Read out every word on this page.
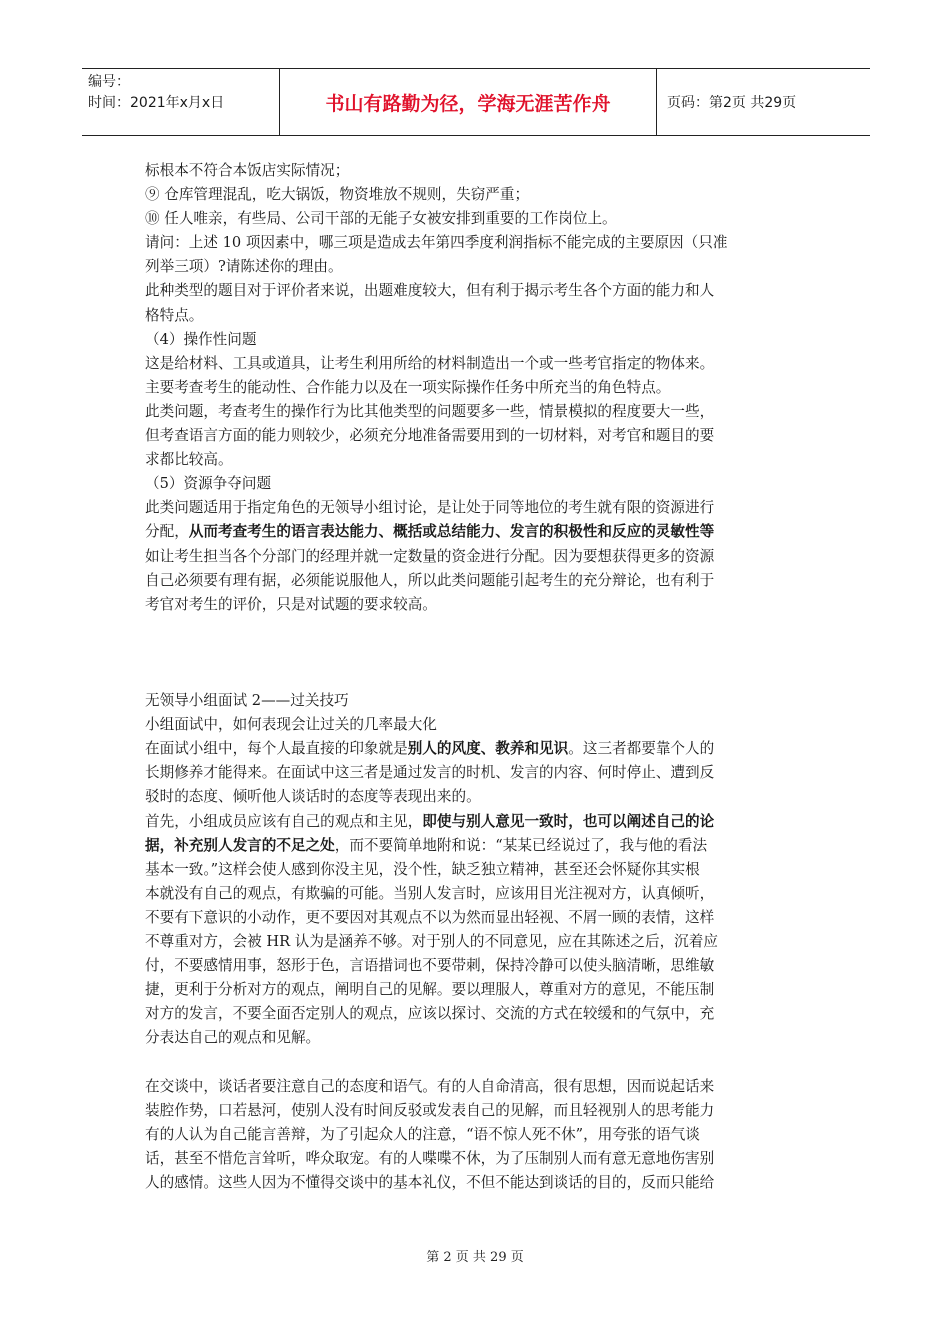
编号：
时间：2021年x月x日	书山有路勤为径，学海无涯苦作舟	页码：第2页 共29页

标根本不符合本饭店实际情况；

⑨ 仓库管理混乱，吃大锅饭，物资堆放不规则，失窃严重；

⑩ 任人唯亲，有些局、公司干部的无能子女被安排到重要的工作岗位上。

请问：上述 10 项因素中，哪三项是造成去年第四季度利润指标不能完成的主要原因（只准

列举三项）?请陈述你的理由。

此种类型的题目对于评价者来说，出题难度较大，但有利于揭示考生各个方面的能力和人

格特点。

（4）操作性问题

这是给材料、工具或道具，让考生利用所给的材料制造出一个或一些考官指定的物体来。

主要考查考生的能动性、合作能力以及在一项实际操作任务中所充当的角色特点。

此类问题，考查考生的操作行为比其他类型的问题要多一些，情景模拟的程度要大一些，

但考查语言方面的能力则较少，必须充分地准备需要用到的一切材料，对考官和题目的要

求都比较高。

（5）资源争夺问题

此类问题适用于指定角色的无领导小组讨论，是让处于同等地位的考生就有限的资源进行

分配，从而考查考生的语言表达能力、概括或总结能力、发言的积极性和反应的灵敏性等

如让考生担当各个分部门的经理并就一定数量的资金进行分配。因为要想获得更多的资源

自己必须要有理有据，必须能说服他人，所以此类问题能引起考生的充分辩论，也有利于

考官对考生的评价，只是对试题的要求较高。

无领导小组面试 2——过关技巧

小组面试中，如何表现会让过关的几率最大化

在面试小组中，每个人最直接的印象就是别人的风度、教养和见识。这三者都要靠个人的

长期修养才能得来。在面试中这三者是通过发言的时机、发言的内容、何时停止、遭到反

驳时的态度、倾听他人谈话时的态度等表现出来的。

首先，小组成员应该有自己的观点和主见，即使与别人意见一致时，也可以阐述自己的论

据，补充别人发言的不足之处，而不要简单地附和说：“某某已经说过了，我与他的看法

基本一致。”这样会使人感到你没主见，没个性，缺乏独立精神，甚至还会怀疑你其实根

本就没有自己的观点，有欺骗的可能。当别人发言时，应该用目光注视对方，认真倾听，

不要有下意识的小动作，更不要因对其观点不以为然而显出轻视、不屑一顾的表情，这样

不尊重对方，会被 HR 认为是涵养不够。对于别人的不同意见，应在其陈述之后，沉着应

付，不要感情用事，怒形于色，言语措词也不要带刺，保持冷静可以使头脑清晰，思维敏

捷，更利于分析对方的观点，阐明自己的见解。要以理服人，尊重对方的意见，不能压制

对方的发言，不要全面否定别人的观点，应该以探讨、交流的方式在较缓和的气氛中，充

分表达自己的观点和见解。

在交谈中，谈话者要注意自己的态度和语气。有的人自命清高，很有思想，因而说起话来

装腔作势，口若悬河，使别人没有时间反驳或发表自己的见解，而且轻视别人的思考能力

有的人认为自己能言善辩，为了引起众人的注意，“语不惊人死不休”，用夸张的语气谈

话，甚至不惜危言耸听，哗众取宠。有的人喋喋不休，为了压制别人而有意无意地伤害别

人的感情。这些人因为不懂得交谈中的基本礼仪，不但不能达到谈话的目的，反而只能给

第 2 页 共 29 页
